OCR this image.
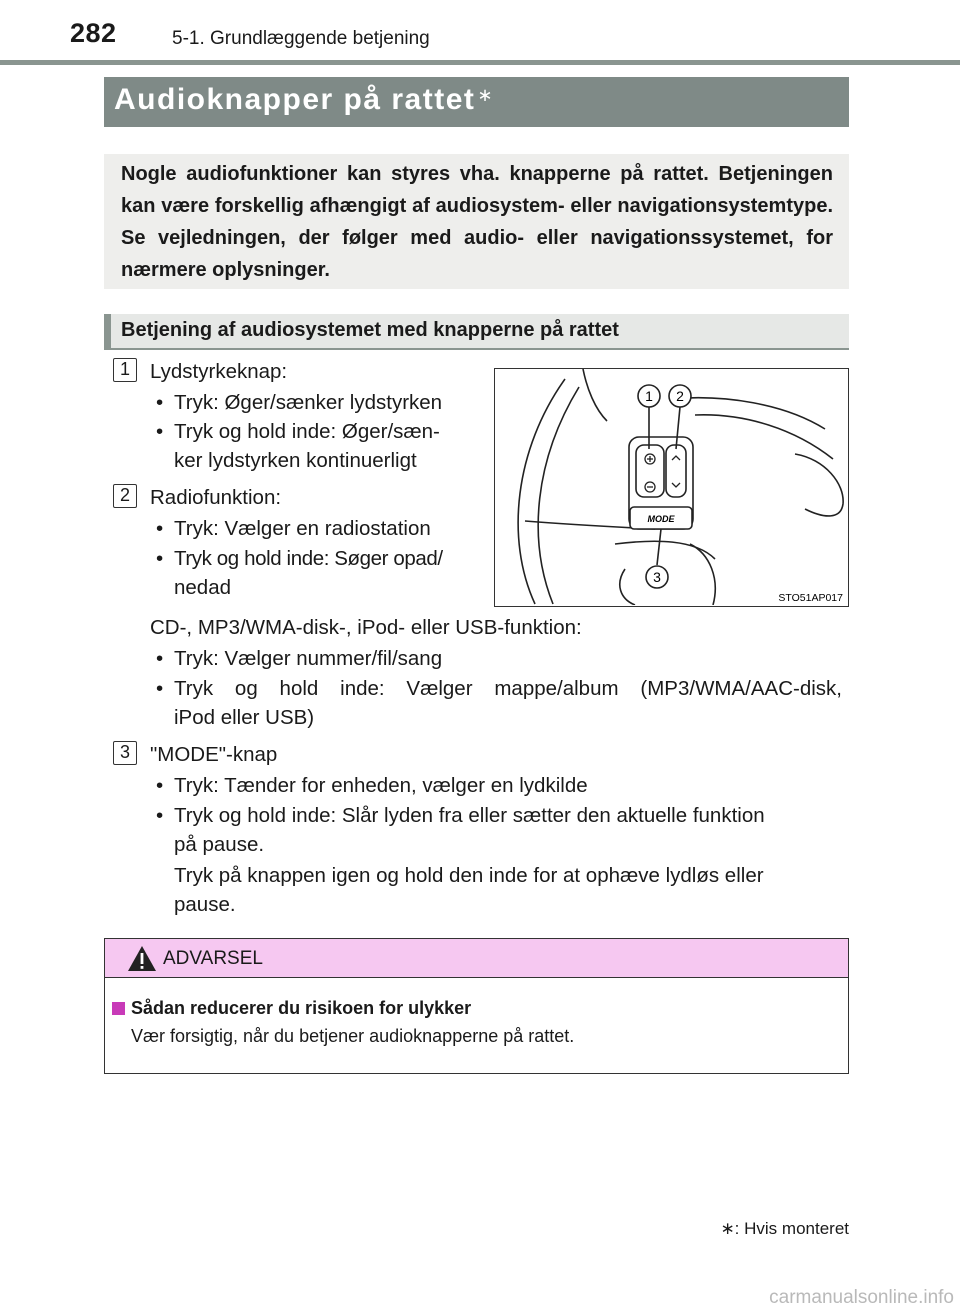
282	5-1. Grundlæggende betjening
Audioknapper på rattet ∗
Nogle audiofunktioner kan styres vha. knapperne på rattet. Betjeningen kan være forskellig afhængigt af audiosystem- eller navigationsystemtype. Se vejledningen, der følger med audio- eller navigationssystemet, for nærmere oplysninger.
Betjening af audiosystemet med knapperne på rattet
1 Lydstyrkeknap:
• Tryk: Øger/sænker lydstyrken
• Tryk og hold inde: Øger/sæn-
ker lydstyrken kontinuerligt
2 Radiofunktion:
• Tryk: Vælger en radiostation
• Tryk og hold inde: Søger opad/
nedad
CD-, MP3/WMA-disk-, iPod- eller USB-funktion:
• Tryk: Vælger nummer/fil/sang
• Tryk og hold inde: Vælger mappe/album (MP3/WMA/AAC-disk,
iPod eller USB)
3 "MODE"-knap
• Tryk: Tænder for enheden, vælger en lydkilde
• Tryk og hold inde: Slår lyden fra eller sætter den aktuelle funktion
på pause.
Tryk på knappen igen og hold den inde for at ophæve lydløs eller
pause.
1 2
3
MODE
STO51AP017
ADVARSEL
Sådan reducerer du risikoen for ulykker
Vær forsigtig, når du betjener audioknapperne på rattet.
∗: Hvis monteret
carmanualsonline.info
